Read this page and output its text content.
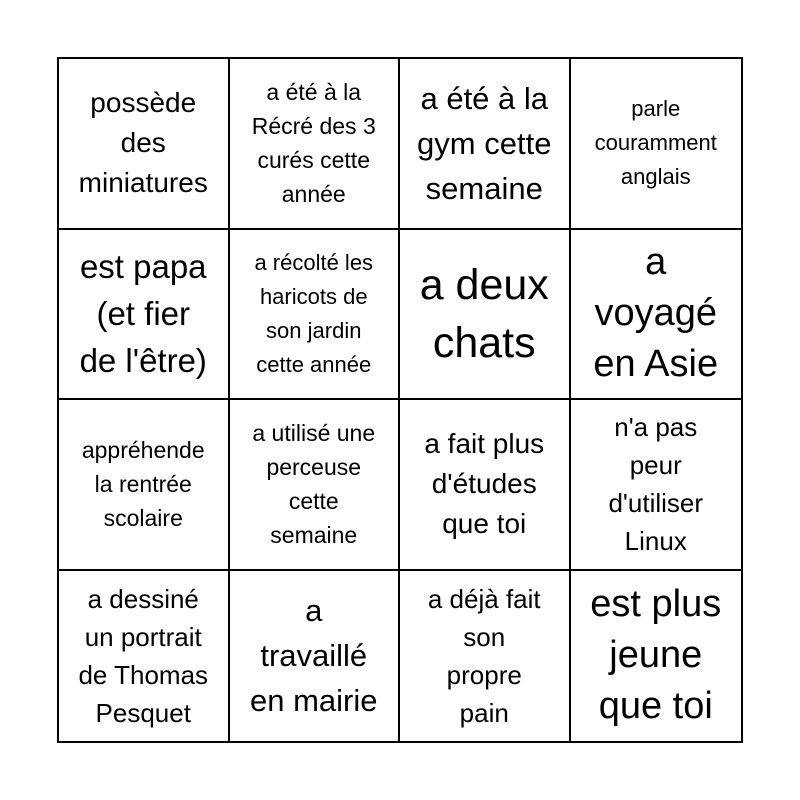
possède
des
miniatures
a été à la
Récré des 3
curés cette
année
a été à la
gym cette
semaine
parle
couramment
anglais
est papa
(et fier
de l'être)
a récolté les
haricots de
son jardin
cette année
a deux
chats
a
voyagé
en Asie
appréhende
la rentrée
scolaire
a utilisé une
perceuse
cette
semaine
a fait plus
d'études
que toi
n'a pas
peur
d'utiliser
Linux
a dessiné
un portrait
de Thomas
Pesquet
a
travaillé
en mairie
a déjà fait
son
propre
pain
est plus
jeune
que toi
